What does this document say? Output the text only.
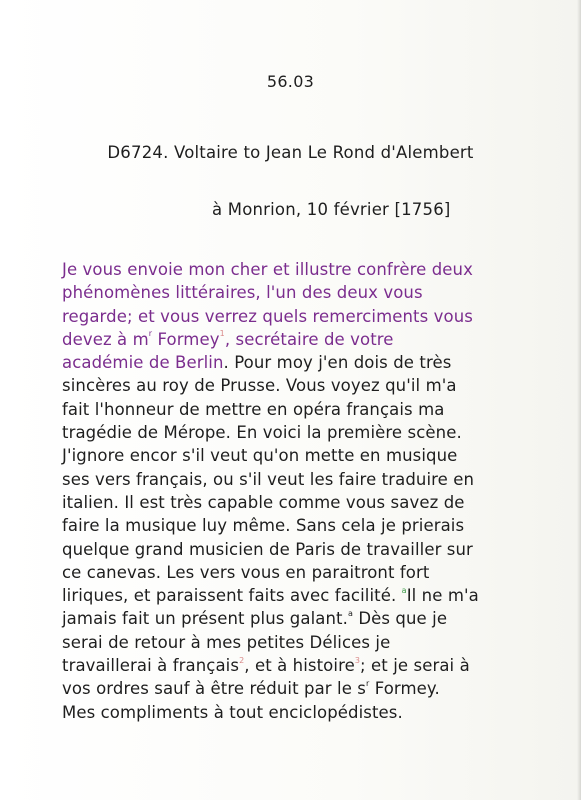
56.03
D6724. Voltaire to Jean Le Rond d'Alembert
à Monrion, 10 février [1756]
Je vous envoie mon cher et illustre confrère deux
phénomènes littéraires, l'un des deux vous
regarde; et vous verrez quels remerciments vous
devez à $m^r$ Formey$^1$, secrétaire de votre
académie de Berlin. Pour moy j'en dois de très
sincères au roy de Prusse. Vous voyez qu'il m'a
fait l'honneur de mettre en opéra français ma
tragédie de Mérope. En voici la première scène.
J'ignore encor s'il veut qu'on mette en musique
ses vers français, ou s'il veut les faire traduire en
italien. Il est très capable comme vous savez de
faire la musique luy même. Sans cela je prierais
quelque grand musicien de Paris de travailler sur
ce canevas. Les vers vous en paraitront fort
liriques, et paraissent faits avec facilité. $^a$Il ne m'a
jamais fait un présent plus galant.$^a$ Dès que je
serai de retour à mes petites Délices je
travaillerai à français$^2$, et à histoire$^3$; et je serai à
vos ordres sauf à être réduit par le $s^r$ Formey.
Mes compliments à tout enciclopédistes.
